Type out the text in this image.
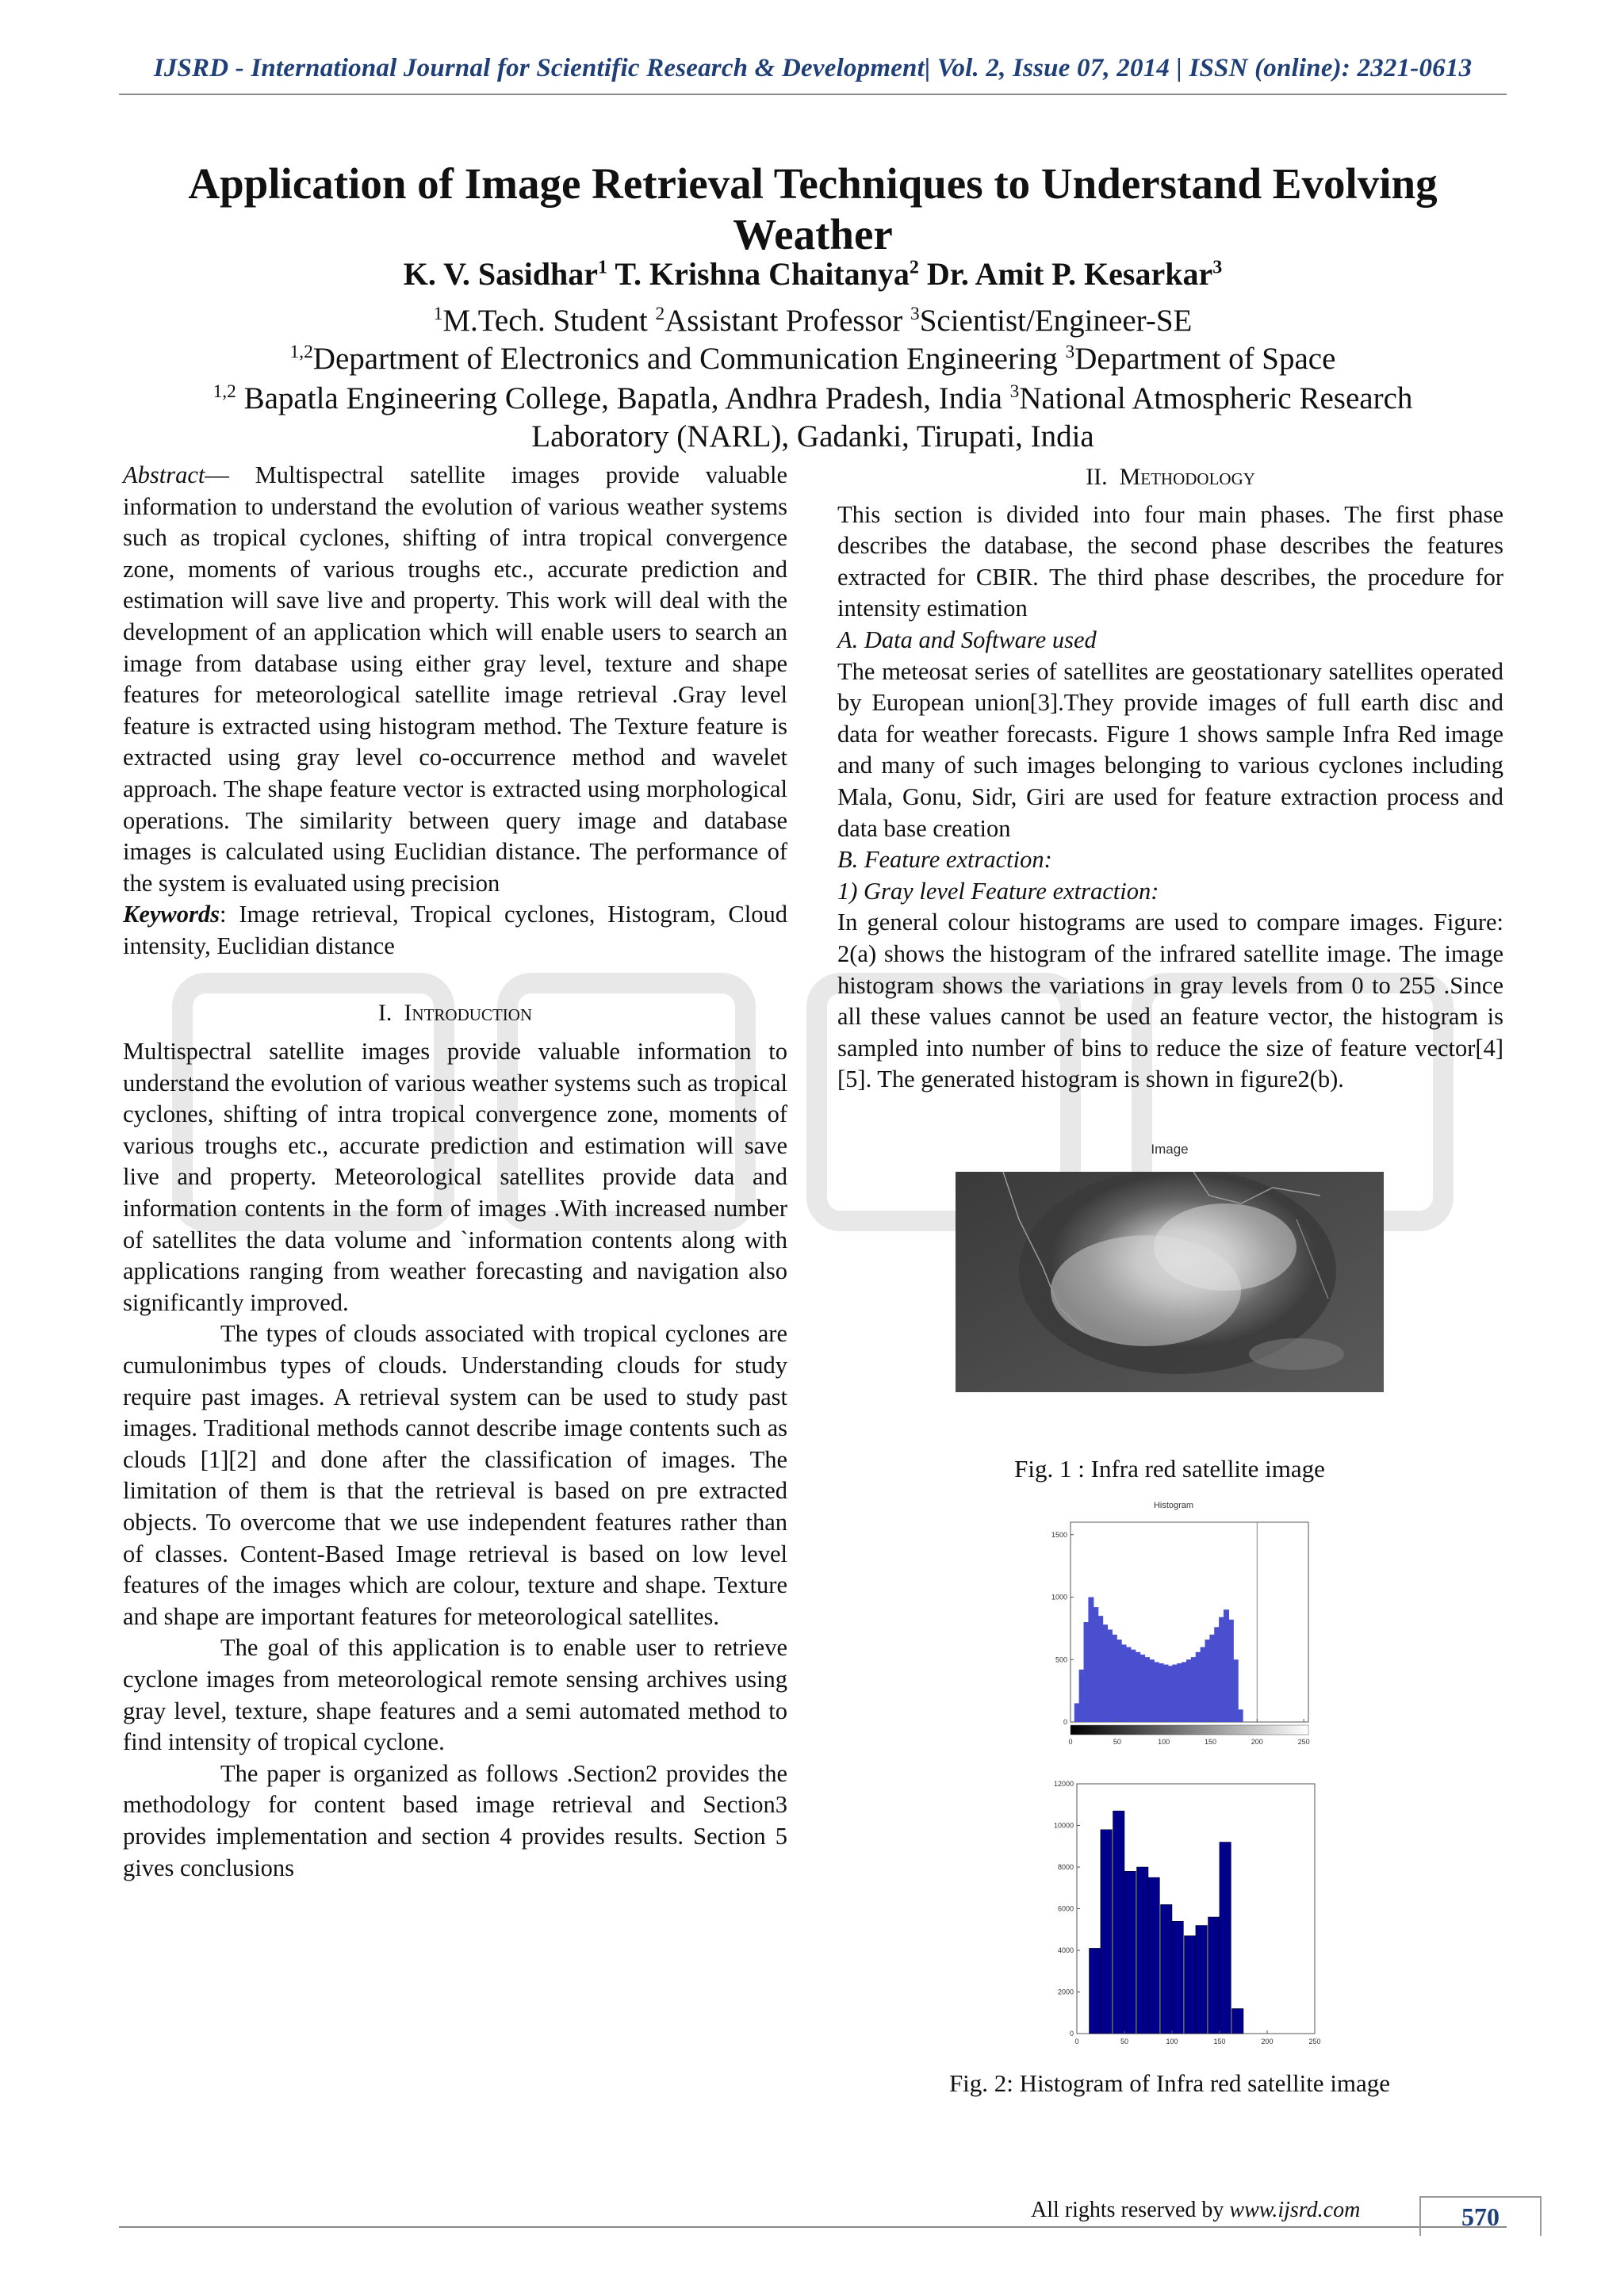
IJSRD - International Journal for Scientific Research & Development| Vol. 2, Issue 07, 2014 | ISSN (online): 2321-0613
Application of Image Retrieval Techniques to Understand Evolving
Weather
K. V. Sasidhar$^1$ T. Krishna Chaitanya$^2$ Dr. Amit P. Kesarkar$^3$
$^1$M.Tech. Student $^2$Assistant Professor $^3$Scientist/Engineer-SE
$^{1,2}$Department of Electronics and Communication Engineering $^3$Department of Space
$^{1,2}$ Bapatla Engineering College, Bapatla, Andhra Pradesh, India $^3$National Atmospheric Research
Laboratory (NARL), Gadanki, Tirupati, India

Abstract— Multispectral satellite images provide valuable information to understand the evolution of various weather systems such as tropical cyclones, shifting of intra tropical convergence zone, moments of various troughs etc., accurate prediction and estimation will save live and property. This work will deal with the development of an application which will enable users to search an image from database using either gray level, texture and shape features for meteorological satellite image retrieval .Gray level feature is extracted using histogram method. The Texture feature is extracted using gray level co-occurrence method and wavelet approach. The shape feature vector is extracted using morphological operations. The similarity between query image and database images is calculated using Euclidian distance. The performance of the system is evaluated using precision

Keywords: Image retrieval, Tropical cyclones, Histogram, Cloud intensity, Euclidian distance

I. Introduction

Multispectral satellite images provide valuable information to understand the evolution of various weather systems such as tropical cyclones, shifting of intra tropical convergence zone, moments of various troughs etc., accurate prediction and estimation will save live and property. Meteorological satellites provide data and information contents in the form of images .With increased number of satellites the data volume and `information contents along with applications ranging from weather forecasting and navigation also significantly improved.

The types of clouds associated with tropical cyclones are cumulonimbus types of clouds. Understanding clouds for study require past images. A retrieval system can be used to study past images. Traditional methods cannot describe image contents such as clouds [1][2] and done after the classification of images. The limitation of them is that the retrieval is based on pre extracted objects. To overcome that we use independent features rather than of classes. Content-Based Image retrieval is based on low level features of the images which are colour, texture and shape. Texture and shape are important features for meteorological satellites.

The goal of this application is to enable user to retrieve cyclone images from meteorological remote sensing archives using gray level, texture, shape features and a semi automated method to find intensity of tropical cyclone.

The paper is organized as follows .Section2 provides the methodology for content based image retrieval and Section3 provides implementation and section 4 provides results. Section 5 gives conclusions

II. Methodology

This section is divided into four main phases. The first phase describes the database, the second phase describes the features extracted for CBIR. The third phase describes, the procedure for intensity estimation

A. Data and Software used

The meteosat series of satellites are geostationary satellites operated by European union[3].They provide images of full earth disc and data for weather forecasts. Figure 1 shows sample Infra Red image and many of such images belonging to various cyclones including Mala, Gonu, Sidr, Giri are used for feature extraction process and data base creation

B. Feature extraction:

1) Gray level Feature extraction:

In general colour histograms are used to compare images. Figure: 2(a) shows the histogram of the infrared satellite image. The image histogram shows the variations in gray levels from 0 to 255 .Since all these values cannot be used an feature vector, the histogram is sampled into number of bins to reduce the size of feature vector[4][5]. The generated histogram is shown in figure2(b).

Image
Fig. 1 : Infra red satellite image
Histogram
0
500
1000
1500
0	50	100	150	200	250
0
2000
4000
6000
8000
10000
12000
0	50	100	150	200	250
Fig. 2: Histogram of Infra red satellite image
All rights reserved by www.ijsrd.com	570
